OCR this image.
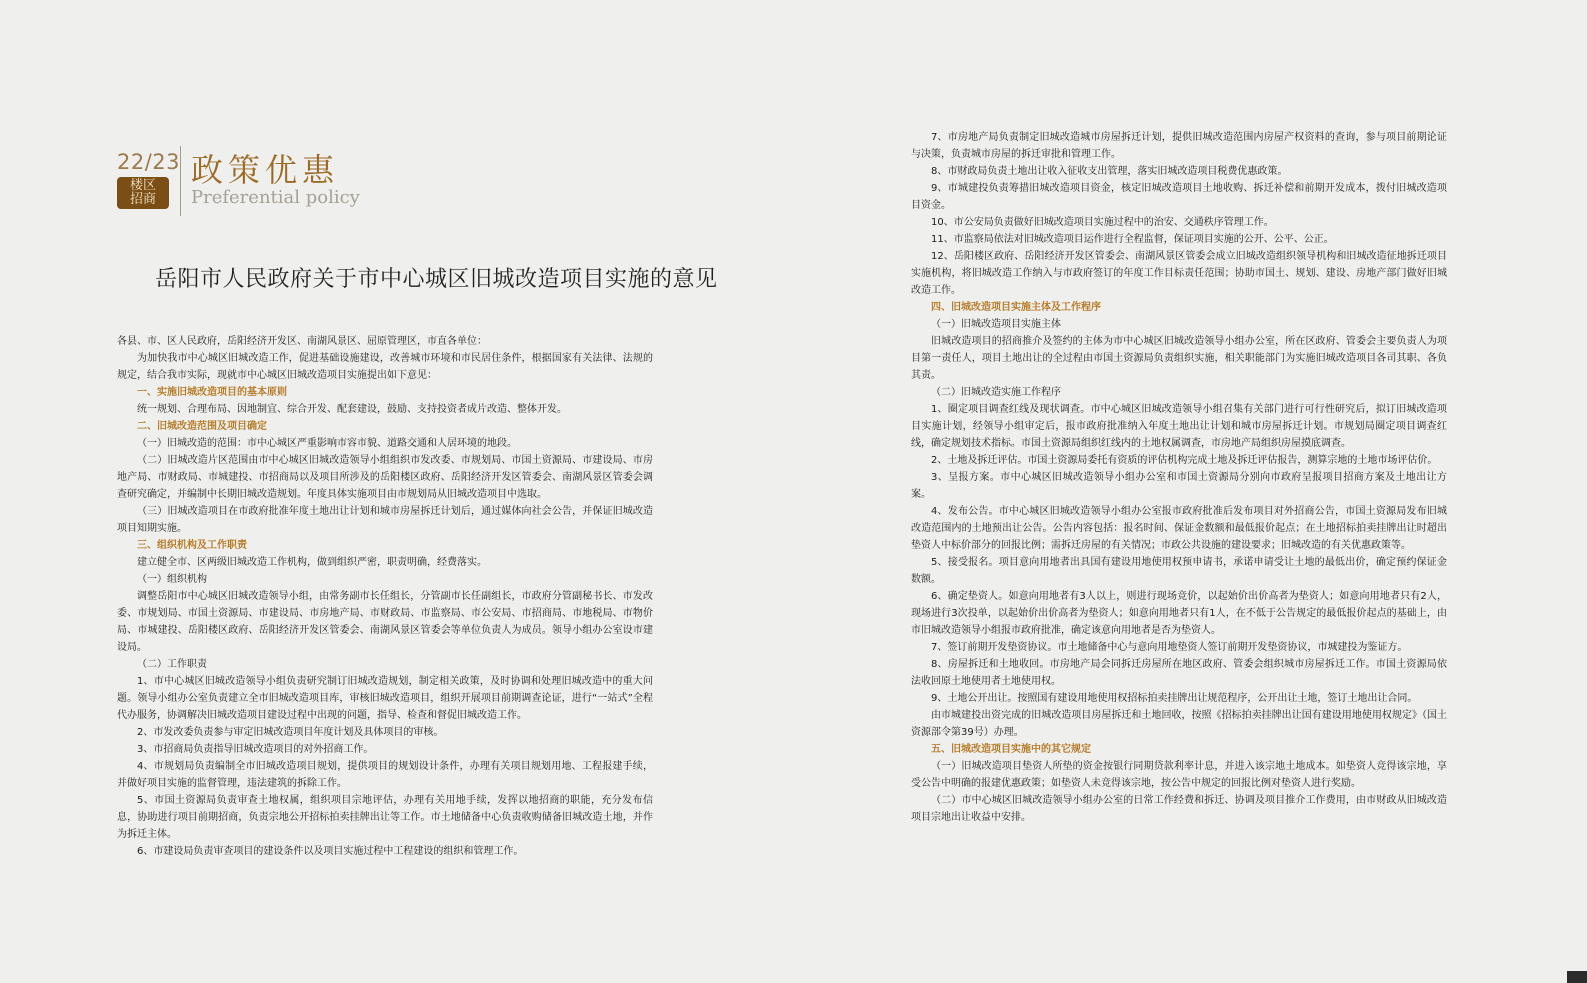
22/23
楼区
招商
政策优惠
Preferential policy
岳阳市人民政府关于市中心城区旧城改造项目实施的意见

各县、市、区人民政府，岳阳经济开发区、南湖风景区、屈原管理区，市直各单位：

为加快我市中心城区旧城改造工作，促进基础设施建设，改善城市环境和市民居住条件，根据国家有关法律、法规的规定，结合我市实际，现就市中心城区旧城改造项目实施提出如下意见：

一、实施旧城改造项目的基本原则

统一规划、合理布局、因地制宜、综合开发、配套建设，鼓励、支持投资者成片改造、整体开发。

二、旧城改造范围及项目确定

（一）旧城改造的范围：市中心城区严重影响市容市貌、道路交通和人居环境的地段。

（二）旧城改造片区范围由市中心城区旧城改造领导小组组织市发改委、市规划局、市国土资源局、市建设局、市房地产局、市财政局、市城建投、市招商局以及项目所涉及的岳阳楼区政府、岳阳经济开发区管委会、南湖风景区管委会调查研究确定，并编制中长期旧城改造规划。年度具体实施项目由市规划局从旧城改造项目中选取。

（三）旧城改造项目在市政府批准年度土地出让计划和城市房屋拆迁计划后，通过媒体向社会公告，并保证旧城改造项目知期实施。

三、组织机构及工作职责

建立健全市、区两级旧城改造工作机构，做到组织严密，职责明确，经费落实。

（一）组织机构

调整岳阳市中心城区旧城改造领导小组，由常务副市长任组长，分管副市长任副组长，市政府分管副秘书长、市发改委、市规划局、市国土资源局、市建设局、市房地产局、市财政局、市监察局、市公安局、市招商局、市地税局、市物价局、市城建投、岳阳楼区政府、岳阳经济开发区管委会、南湖风景区管委会等单位负责人为成员。领导小组办公室设市建设局。

（二）工作职责

1、市中心城区旧城改造领导小组负责研究制订旧城改造规划，制定相关政策，及时协调和处理旧城改造中的重大问题。领导小组办公室负责建立全市旧城改造项目库，审核旧城改造项目，组织开展项目前期调查论证，进行“一站式”全程代办服务，协调解决旧城改造项目建设过程中出现的问题，指导、检查和督促旧城改造工作。

2、市发改委负责参与审定旧城改造项目年度计划及具体项目的审核。

3、市招商局负责指导旧城改造项目的对外招商工作。

4、市规划局负责编制全市旧城改造项目规划，提供项目的规划设计条件，办理有关项目规划用地、工程报建手续，并做好项目实施的监督管理，违法建筑的拆除工作。

5、市国土资源局负责审查土地权属，组织项目宗地评估，办理有关用地手续，发挥以地招商的职能，充分发布信息，协助进行项目前期招商，负责宗地公开招标拍卖挂牌出让等工作。市土地储备中心负责收购储备旧城改造土地，并作为拆迁主体。

6、市建设局负责审查项目的建设条件以及项目实施过程中工程建设的组织和管理工作。

7、市房地产局负责制定旧城改造城市房屋拆迁计划，提供旧城改造范围内房屋产权资料的查询，参与项目前期论证与决策，负责城市房屋的拆迁审批和管理工作。

8、市财政局负责土地出让收入征收支出管理，落实旧城改造项目税费优惠政策。

9、市城建投负责筹措旧城改造项目资金，核定旧城改造项目土地收购、拆迁补偿和前期开发成本，拨付旧城改造项目资金。

10、市公安局负责做好旧城改造项目实施过程中的治安、交通秩序管理工作。

11、市监察局依法对旧城改造项目运作进行全程监督，保证项目实施的公开、公平、公正。

12、岳阳楼区政府、岳阳经济开发区管委会、南湖风景区管委会成立旧城改造组织领导机构和旧城改造征地拆迁项目实施机构，将旧城改造工作纳入与市政府签订的年度工作目标责任范围；协助市国土、规划、建设、房地产部门做好旧城改造工作。

四、旧城改造项目实施主体及工作程序

（一）旧城改造项目实施主体

旧城改造项目的招商推介及签约的主体为市中心城区旧城改造领导小组办公室，所在区政府、管委会主要负责人为项目第一责任人，项目土地出让的全过程由市国土资源局负责组织实施，相关职能部门为实施旧城改造项目各司其职、各负其责。

（二）旧城改造实施工作程序

1、圈定项目调查红线及现状调查。市中心城区旧城改造领导小组召集有关部门进行可行性研究后，拟订旧城改造项目实施计划，经领导小组审定后，报市政府批准纳入年度土地出让计划和城市房屋拆迁计划。市规划局圈定项目调查红线，确定规划技术指标。市国土资源局组织红线内的土地权属调查，市房地产局组织房屋摸底调查。

2、土地及拆迁评估。市国土资源局委托有资质的评估机构完成土地及拆迁评估报告，测算宗地的土地市场评估价。

3、呈报方案。市中心城区旧城改造领导小组办公室和市国土资源局分别向市政府呈报项目招商方案及土地出让方案。

4、发布公告。市中心城区旧城改造领导小组办公室报市政府批准后发布项目对外招商公告，市国土资源局发布旧城改造范围内的土地预出让公告。公告内容包括：报名时间、保证金数额和最低报价起点；在土地招标拍卖挂牌出让时超出垫资人中标价部分的回报比例；需拆迁房屋的有关情况；市政公共设施的建设要求；旧城改造的有关优惠政策等。

5、接受报名。项目意向用地者出具国有建设用地使用权预申请书，承诺申请受让土地的最低出价，确定预约保证金数额。

6、确定垫资人。如意向用地者有3人以上，则进行现场竞价，以起始价出价高者为垫资人；如意向用地者只有2人，现场进行3次投单，以起始价出价高者为垫资人；如意向用地者只有1人，在不低于公告规定的最低报价起点的基础上，由市旧城改造领导小组报市政府批准，确定该意向用地者是否为垫资人。

7、签订前期开发垫资协议。市土地储备中心与意向用地垫资人签订前期开发垫资协议，市城建投为鉴证方。

8、房屋拆迁和土地收回。市房地产局会同拆迁房屋所在地区政府、管委会组织城市房屋拆迁工作。市国土资源局依法收回原土地使用者土地使用权。

9、土地公开出让。按照国有建设用地使用权招标拍卖挂牌出让规范程序，公开出让土地，签订土地出让合同。

由市城建投出资完成的旧城改造项目房屋拆迁和土地回收，按照《招标拍卖挂牌出让国有建设用地使用权规定》（国土资源部令第39号）办理。

五、旧城改造项目实施中的其它规定

（一）旧城改造项目垫资人所垫的资金按银行同期贷款利率计息，并进入该宗地土地成本。如垫资人竞得该宗地，享受公告中明确的报建优惠政策；如垫资人未竞得该宗地，按公告中规定的回报比例对垫资人进行奖励。

（二）市中心城区旧城改造领导小组办公室的日常工作经费和拆迁、协调及项目推介工作费用，由市财政从旧城改造项目宗地出让收益中安排。
